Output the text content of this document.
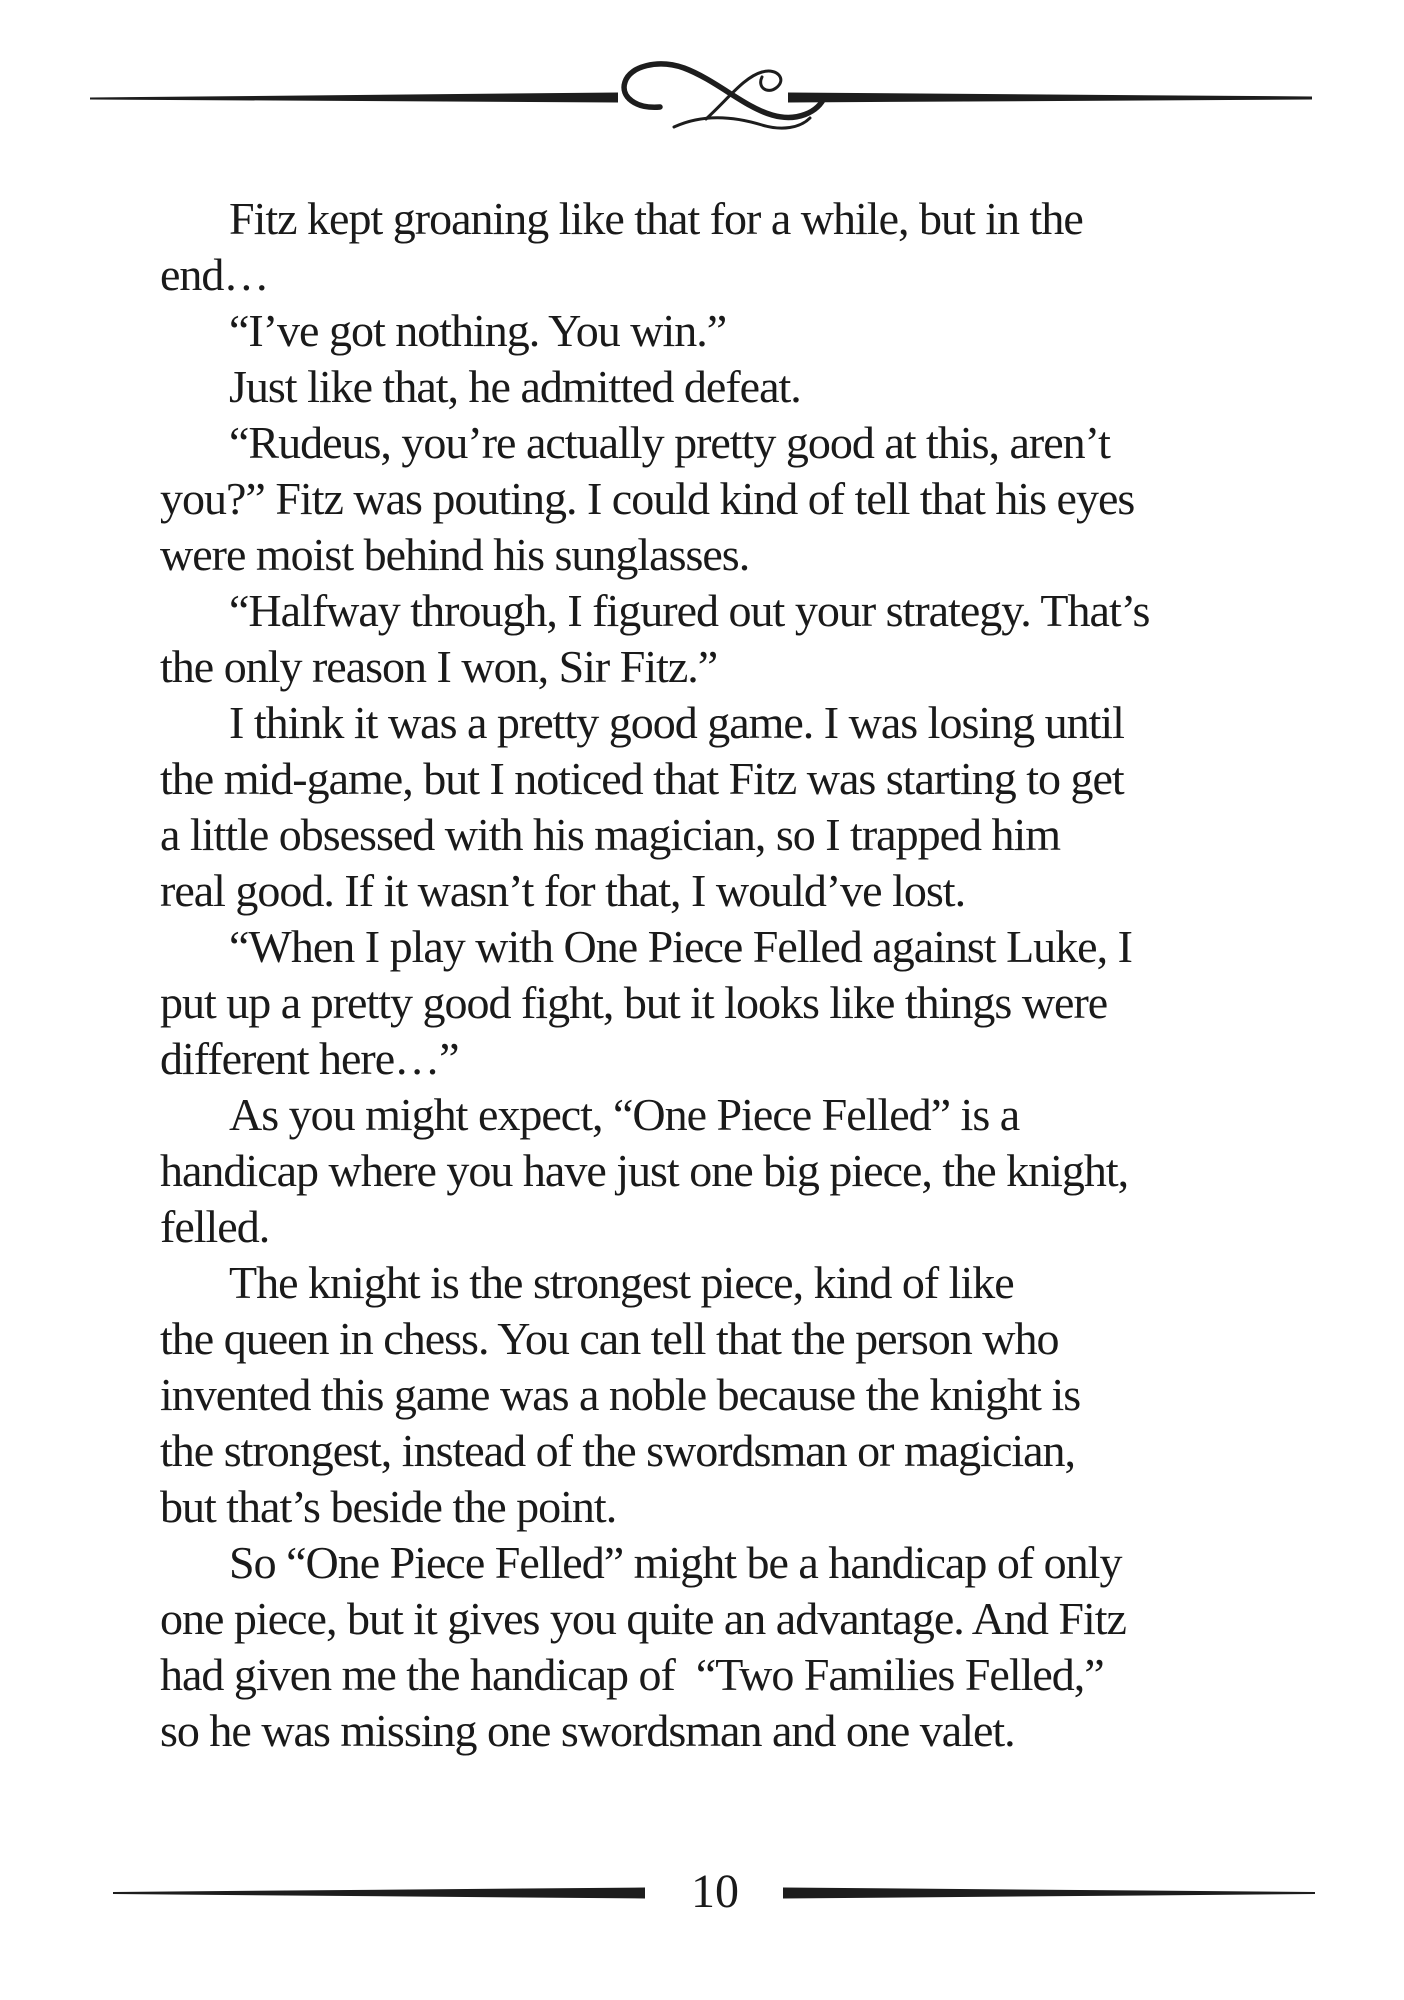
Fitz kept groaning like that for a while, but in the
end…
“I’ve got nothing. You win.”
Just like that, he admitted defeat.
“Rudeus, you’re actually pretty good at this, aren’t
you?” Fitz was pouting. I could kind of tell that his eyes
were moist behind his sunglasses.
“Halfway through, I figured out your strategy. That’s
the only reason I won, Sir Fitz.”
I think it was a pretty good game. I was losing until
the mid-game, but I noticed that Fitz was starting to get
a little obsessed with his magician, so I trapped him
real good. If it wasn’t for that, I would’ve lost.
“When I play with One Piece Felled against Luke, I
put up a pretty good fight, but it looks like things were
different here…”
As you might expect, “One Piece Felled” is a
handicap where you have just one big piece, the knight,
felled.
The knight is the strongest piece, kind of like
the queen in chess. You can tell that the person who
invented this game was a noble because the knight is
the strongest, instead of the swordsman or magician,
but that’s beside the point.
So “One Piece Felled” might be a handicap of only
one piece, but it gives you quite an advantage. And Fitz
had given me the handicap of  “Two Families Felled,”
so he was missing one swordsman and one valet.
10
